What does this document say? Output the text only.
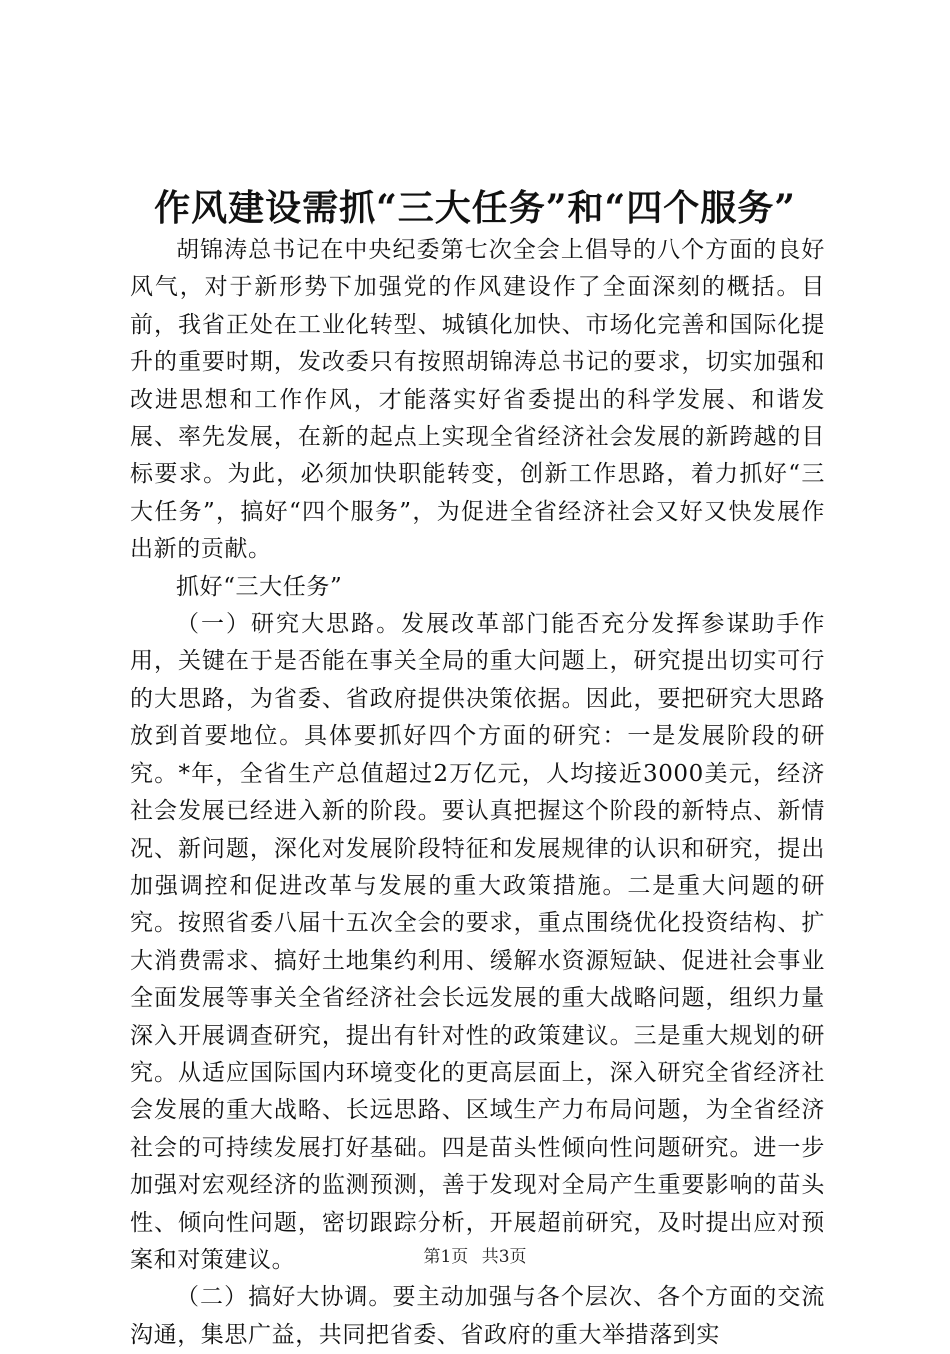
作风建设需抓“三大任务”和“四个服务”

胡锦涛总书记在中央纪委第七次全会上倡导的八个方面的良好风气，对于新形势下加强党的作风建设作了全面深刻的概括。目前，我省正处在工业化转型、城镇化加快、市场化完善和国际化提升的重要时期，发改委只有按照胡锦涛总书记的要求，切实加强和改进思想和工作作风，才能落实好省委提出的科学发展、和谐发展、率先发展，在新的起点上实现全省经济社会发展的新跨越的目标要求。为此，必须加快职能转变，创新工作思路，着力抓好“三大任务”，搞好“四个服务”，为促进全省经济社会又好又快发展作出新的贡献。

抓好“三大任务”

（一）研究大思路。发展改革部门能否充分发挥参谋助手作用，关键在于是否能在事关全局的重大问题上，研究提出切实可行的大思路，为省委、省政府提供决策依据。因此，要把研究大思路放到首要地位。具体要抓好四个方面的研究：一是发展阶段的研究。*年，全省生产总值超过2万亿元，人均接近3000美元，经济社会发展已经进入新的阶段。要认真把握这个阶段的新特点、新情况、新问题，深化对发展阶段特征和发展规律的认识和研究，提出加强调控和促进改革与发展的重大政策措施。二是重大问题的研究。按照省委八届十五次全会的要求，重点围绕优化投资结构、扩大消费需求、搞好土地集约利用、缓解水资源短缺、促进社会事业全面发展等事关全省经济社会长远发展的重大战略问题，组织力量深入开展调查研究，提出有针对性的政策建议。三是重大规划的研究。从适应国际国内环境变化的更高层面上，深入研究全省经济社会发展的重大战略、长远思路、区域生产力布局问题，为全省经济社会的可持续发展打好基础。四是苗头性倾向性问题研究。进一步加强对宏观经济的监测预测，善于发现对全局产生重要影响的苗头性、倾向性问题，密切跟踪分析，开展超前研究，及时提出应对预案和对策建议。

（二）搞好大协调。要主动加强与各个层次、各个方面的交流沟通，集思广益，共同把省委、省政府的重大举措落到实

第1页 共3页
